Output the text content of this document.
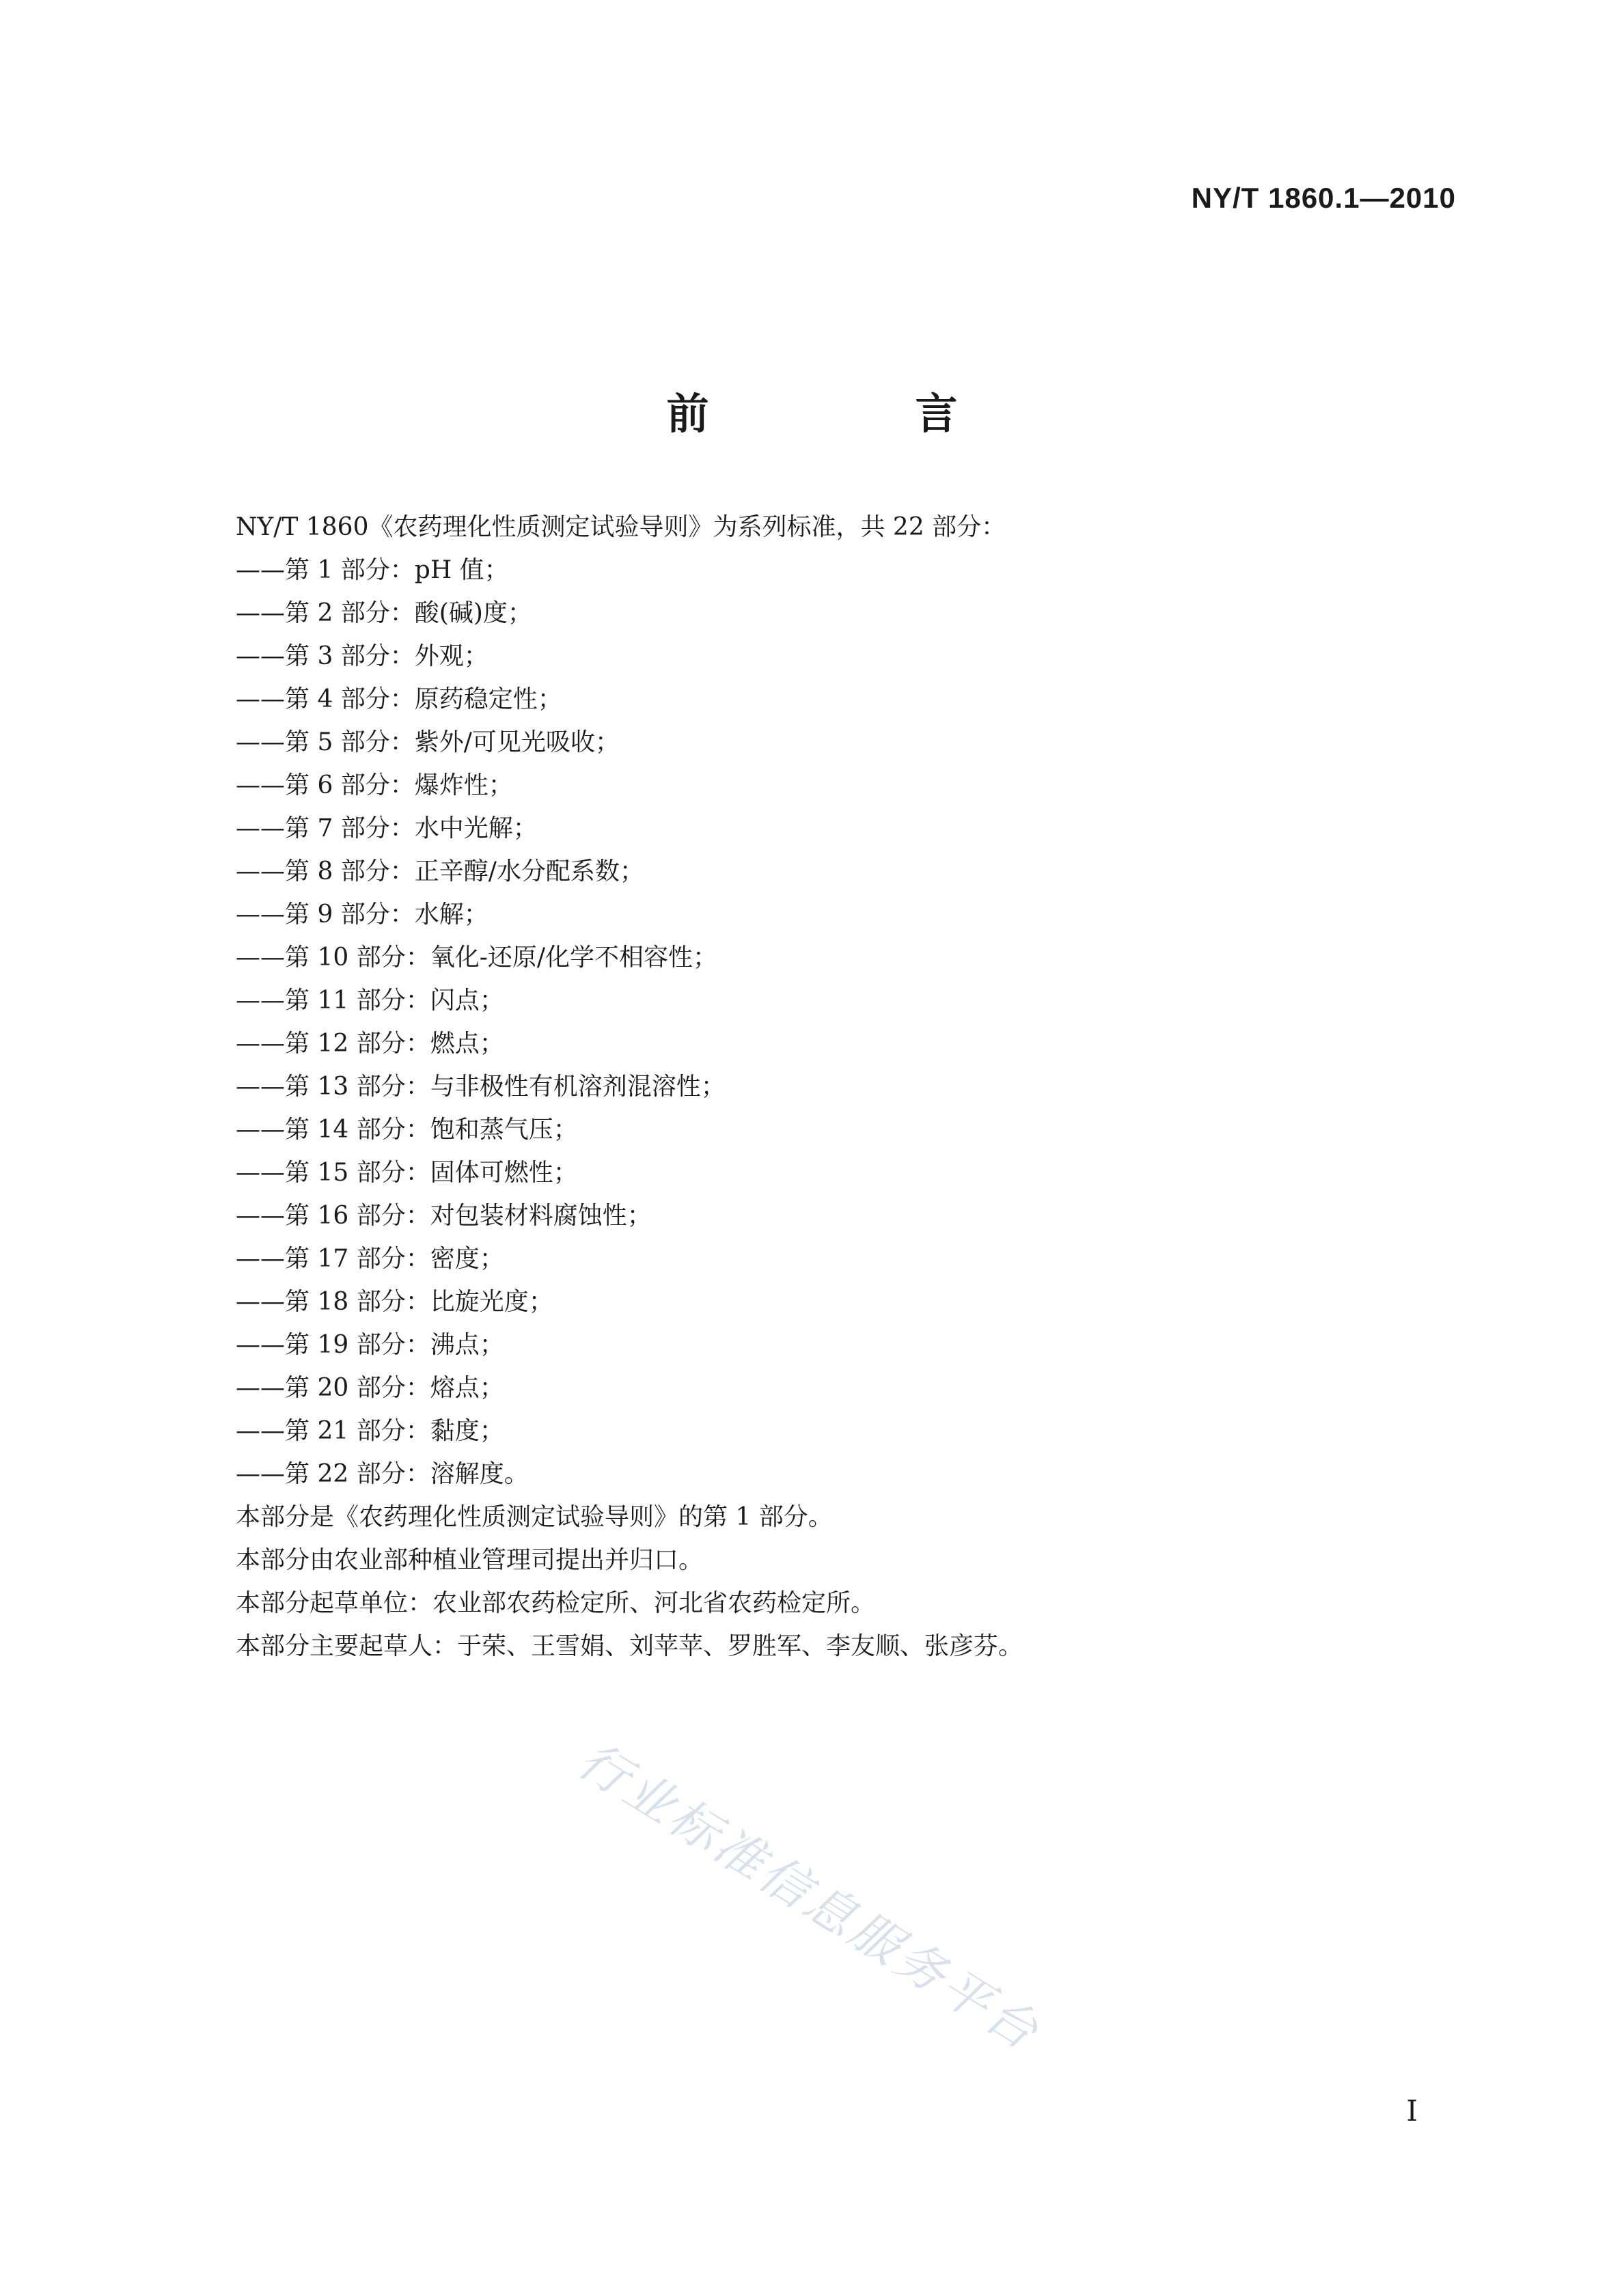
NY/T 1860.1—2010
前　言
NY/T 1860《农药理化性质测定试验导则》为系列标准，共 22 部分：
——第 1 部分：pH 值；
——第 2 部分：酸(碱)度；
——第 3 部分：外观；
——第 4 部分：原药稳定性；
——第 5 部分：紫外/可见光吸收；
——第 6 部分：爆炸性；
——第 7 部分：水中光解；
——第 8 部分：正辛醇/水分配系数；
——第 9 部分：水解；
——第 10 部分：氧化-还原/化学不相容性；
——第 11 部分：闪点；
——第 12 部分：燃点；
——第 13 部分：与非极性有机溶剂混溶性；
——第 14 部分：饱和蒸气压；
——第 15 部分：固体可燃性；
——第 16 部分：对包装材料腐蚀性；
——第 17 部分：密度；
——第 18 部分：比旋光度；
——第 19 部分：沸点；
——第 20 部分：熔点；
——第 21 部分：黏度；
——第 22 部分：溶解度。
本部分是《农药理化性质测定试验导则》的第 1 部分。
本部分由农业部种植业管理司提出并归口。
本部分起草单位：农业部农药检定所、河北省农药检定所。
本部分主要起草人：于荣、王雪娟、刘苹苹、罗胜军、李友顺、张彦芬。
行业标准信息服务平台
I
